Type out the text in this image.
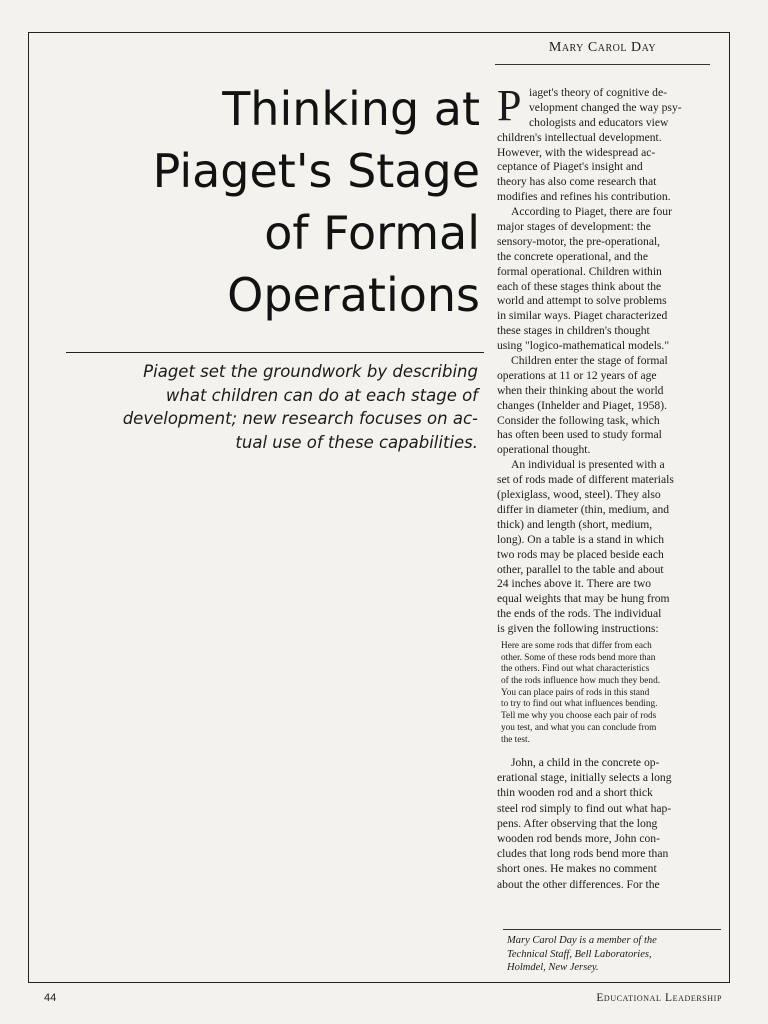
Mary Carol Day
Thinking at
Piaget's Stage
of Formal
Operations
Piaget set the groundwork by describing
what children can do at each stage of
development; new research focuses on ac-
tual use of these capabilities.
P iaget's theory of cognitive de-
velopment changed the way psy-
chologists and educators view
children's intellectual development.
However, with the widespread ac-
ceptance of Piaget's insight and
theory has also come research that
modifies and refines his contribution.
According to Piaget, there are four
major stages of development: the
sensory-motor, the pre-operational,
the concrete operational, and the
formal operational. Children within
each of these stages think about the
world and attempt to solve problems
in similar ways. Piaget characterized
these stages in children's thought
using "logico-mathematical models."
Children enter the stage of formal
operations at 11 or 12 years of age
when their thinking about the world
changes (Inhelder and Piaget, 1958).
Consider the following task, which
has often been used to study formal
operational thought.
An individual is presented with a
set of rods made of different materials
(plexiglass, wood, steel). They also
differ in diameter (thin, medium, and
thick) and length (short, medium,
long). On a table is a stand in which
two rods may be placed beside each
other, parallel to the table and about
24 inches above it. There are two
equal weights that may be hung from
the ends of the rods. The individual
is given the following instructions:
Here are some rods that differ from each
other. Some of these rods bend more than
the others. Find out what characteristics
of the rods influence how much they bend.
You can place pairs of rods in this stand
to try to find out what influences bending.
Tell me why you choose each pair of rods
you test, and what you can conclude from
the test.
John, a child in the concrete op-
erational stage, initially selects a long
thin wooden rod and a short thick
steel rod simply to find out what hap-
pens. After observing that the long
wooden rod bends more, John con-
cludes that long rods bend more than
short ones. He makes no comment
about the other differences. For the
Mary Carol Day is a member of the
Technical Staff, Bell Laboratories,
Holmdel, New Jersey.
44	Educational Leadership
